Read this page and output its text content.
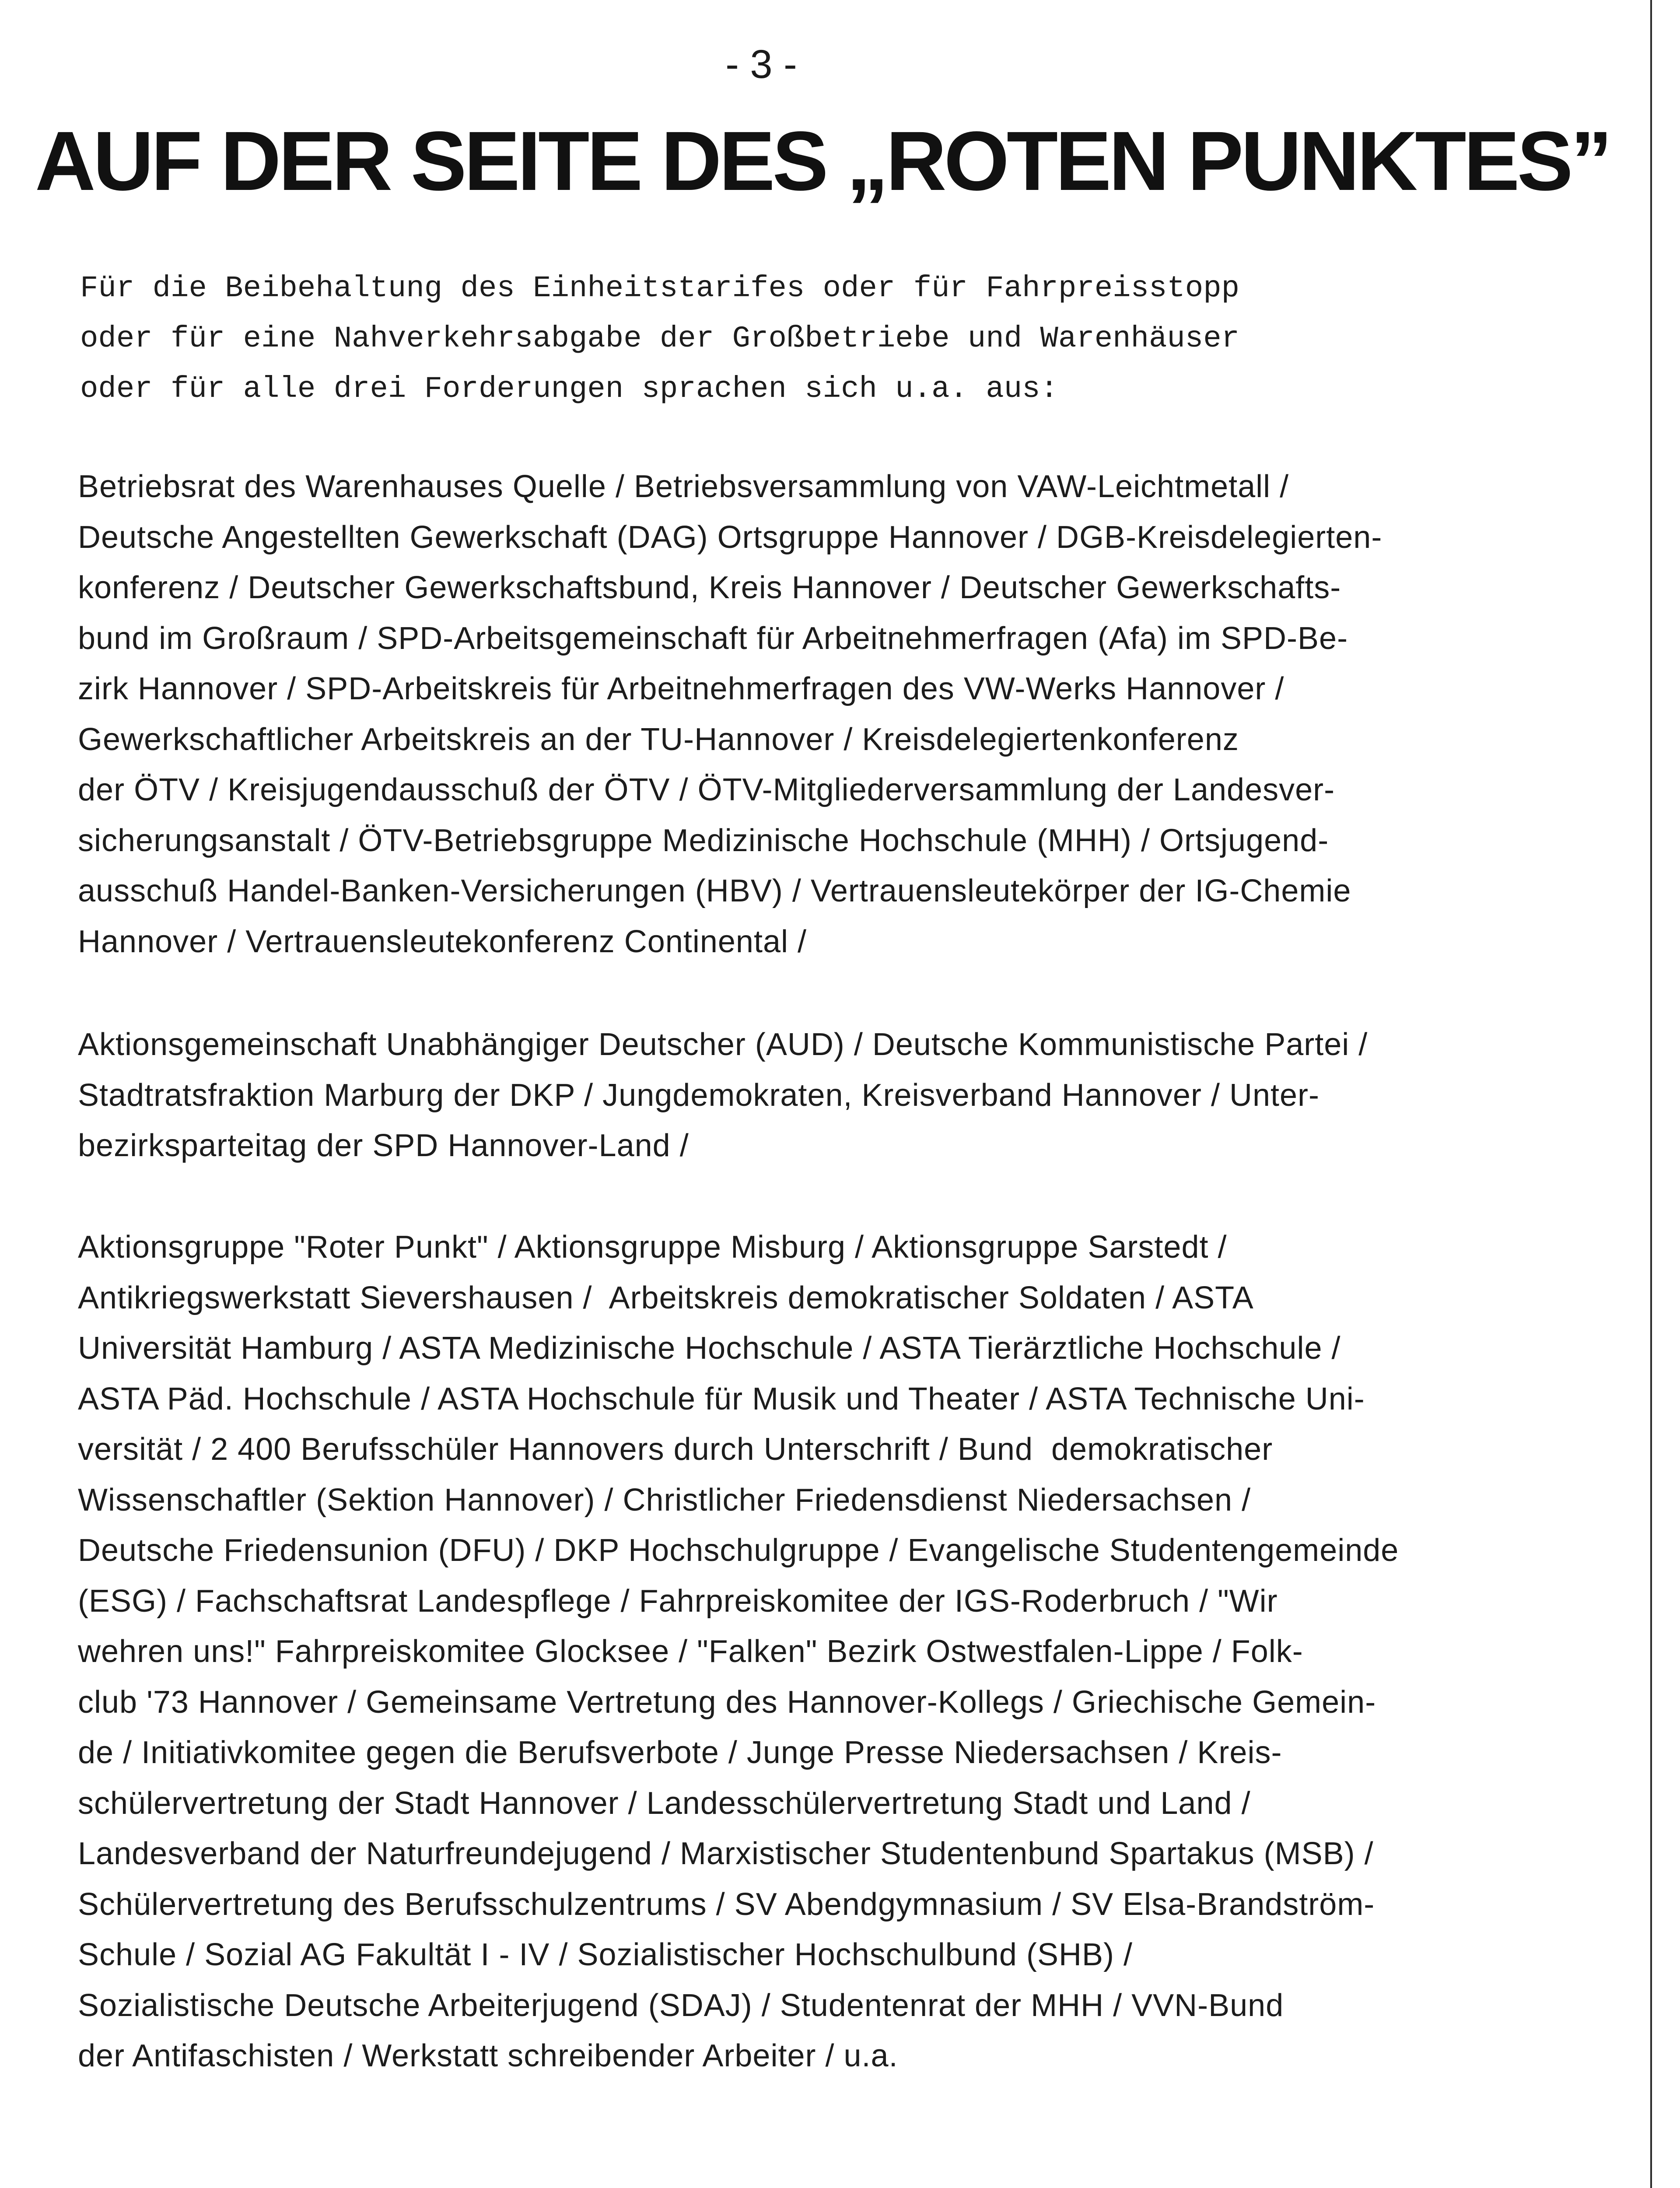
- 3 -
AUF DER SEITE DES „ROTEN PUNKTES”
Für die Beibehaltung des Einheitstarifes oder für Fahrpreisstopp
oder für eine Nahverkehrsabgabe der Großbetriebe und Warenhäuser
oder für alle drei Forderungen sprachen sich u.a. aus:
Betriebsrat des Warenhauses Quelle / Betriebsversammlung von VAW-Leichtmetall /
Deutsche Angestellten Gewerkschaft (DAG) Ortsgruppe Hannover / DGB-Kreisdelegierten-
konferenz / Deutscher Gewerkschaftsbund, Kreis Hannover / Deutscher Gewerkschafts-
bund im Großraum / SPD-Arbeitsgemeinschaft für Arbeitnehmerfragen (Afa) im SPD-Be-
zirk Hannover / SPD-Arbeitskreis für Arbeitnehmerfragen des VW-Werks Hannover /
Gewerkschaftlicher Arbeitskreis an der TU-Hannover / Kreisdelegiertenkonferenz
der ÖTV / Kreisjugendausschuß der ÖTV / ÖTV-Mitgliederversammlung der Landesver-
sicherungsanstalt / ÖTV-Betriebsgruppe Medizinische Hochschule (MHH) / Ortsjugend-
ausschuß Handel-Banken-Versicherungen (HBV) / Vertrauensleutekörper der IG-Chemie
Hannover / Vertrauensleutekonferenz Continental /
Aktionsgemeinschaft Unabhängiger Deutscher (AUD) / Deutsche Kommunistische Partei /
Stadtratsfraktion Marburg der DKP / Jungdemokraten, Kreisverband Hannover / Unter-
bezirksparteitag der SPD Hannover-Land /
Aktionsgruppe "Roter Punkt" / Aktionsgruppe Misburg / Aktionsgruppe Sarstedt /
Antikriegswerkstatt Sievershausen /  Arbeitskreis demokratischer Soldaten / ASTA
Universität Hamburg / ASTA Medizinische Hochschule / ASTA Tierärztliche Hochschule /
ASTA Päd. Hochschule / ASTA Hochschule für Musik und Theater / ASTA Technische Uni-
versität / 2 400 Berufsschüler Hannovers durch Unterschrift / Bund  demokratischer
Wissenschaftler (Sektion Hannover) / Christlicher Friedensdienst Niedersachsen /
Deutsche Friedensunion (DFU) / DKP Hochschulgruppe / Evangelische Studentengemeinde
(ESG) / Fachschaftsrat Landespflege / Fahrpreiskomitee der IGS-Roderbruch / "Wir
wehren uns!" Fahrpreiskomitee Glocksee / "Falken" Bezirk Ostwestfalen-Lippe / Folk-
club '73 Hannover / Gemeinsame Vertretung des Hannover-Kollegs / Griechische Gemein-
de / Initiativkomitee gegen die Berufsverbote / Junge Presse Niedersachsen / Kreis-
schülervertretung der Stadt Hannover / Landesschülervertretung Stadt und Land /
Landesverband der Naturfreundejugend / Marxistischer Studentenbund Spartakus (MSB) /
Schülervertretung des Berufsschulzentrums / SV Abendgymnasium / SV Elsa-Brandström-
Schule / Sozial AG Fakultät I - IV / Sozialistischer Hochschulbund (SHB) /
Sozialistische Deutsche Arbeiterjugend (SDAJ) / Studentenrat der MHH / VVN-Bund
der Antifaschisten / Werkstatt schreibender Arbeiter / u.a.
